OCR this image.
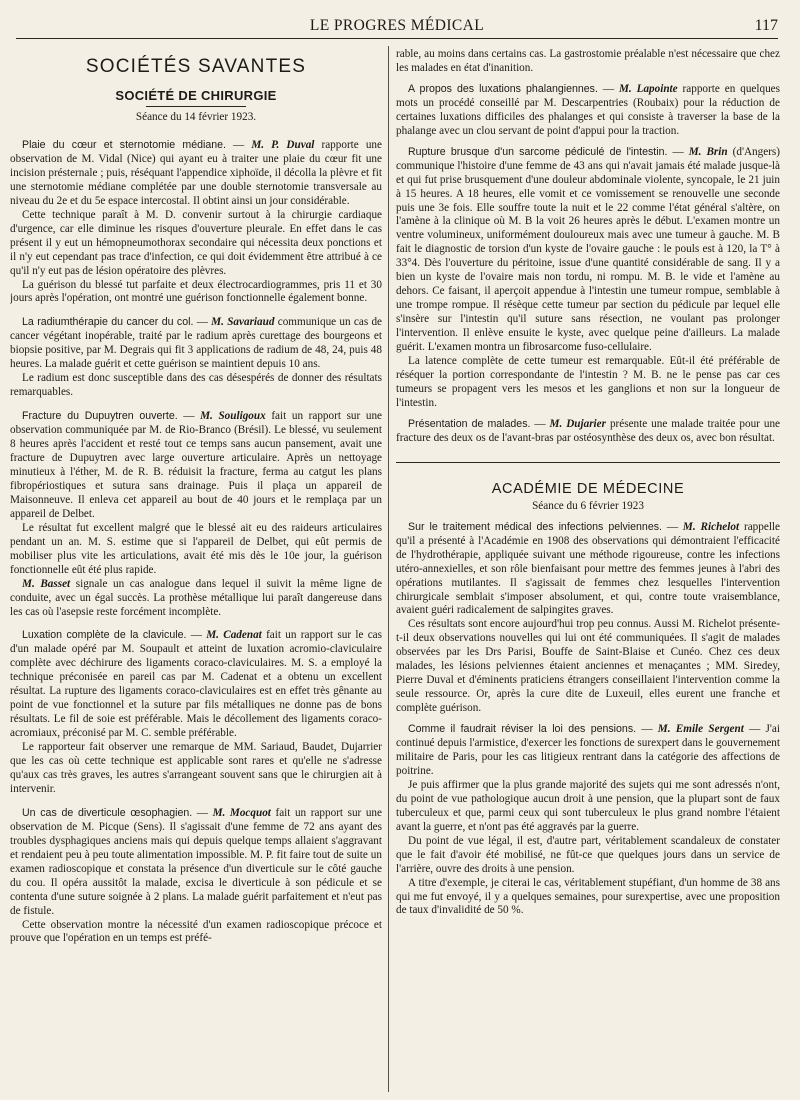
LE PROGRES MÉDICAL	117
SOCIÉTÉS SAVANTES
SOCIÉTÉ DE CHIRURGIE
Séance du 14 février 1923.

Plaie du cœur et sternotomie médiane. — M. P. Duval rapporte une observation de M. Vidal (Nice) qui ayant eu à traiter une plaie du cœur fit une incision présternale ; puis, réséquant l'appendice xiphoïde, il décolla la plèvre et fit une sternotomie médiane complétée par une double sternotomie transversale au niveau du 2e et du 5e espace intercostal. Il obtint ainsi un jour considérable.

Cette technique paraît à M. D. convenir surtout à la chirurgie cardiaque d'urgence, car elle diminue les risques d'ouverture pleurale. En effet dans le cas présent il y eut un hémopneumothorax secondaire qui nécessita deux ponctions et il n'y eut cependant pas trace d'infection, ce qui doit évidemment être attribué à ce qu'il n'y eut pas de lésion opératoire des plèvres.

La guérison du blessé tut parfaite et deux électrocardiogrammes, pris 11 et 30 jours après l'opération, ont montré une guérison fonctionnelle également bonne.

La radiumthérapie du cancer du col. — M. Savariaud communique un cas de cancer végétant inopérable, traité par le radium après curettage des bourgeons et biopsie positive, par M. Degrais qui fit 3 applications de radium de 48, 24, puis 48 heures. La malade guérit et cette guérison se maintient depuis 10 ans.

Le radium est donc susceptible dans des cas désespérés de donner des résultats remarquables.

Fracture du Dupuytren ouverte. — M. Souligoux fait un rapport sur une observation communiquée par M. de Rio-Branco (Brésil). Le blessé, vu seulement 8 heures après l'accident et resté tout ce temps sans aucun pansement, avait une fracture de Dupuytren avec large ouverture articulaire. Après un nettoyage minutieux à l'éther, M. de R. B. réduisit la fracture, ferma au catgut les plans fibropériostiques et sutura sans drainage. Puis il plaça un appareil de Maisonneuve. Il enleva cet appareil au bout de 40 jours et le remplaça par un appareil de Delbet.

Le résultat fut excellent malgré que le blessé ait eu des raideurs articulaires pendant un an. M. S. estime que si l'appareil de Delbet, qui eût permis de mobiliser plus vite les articulations, avait été mis dès le 10e jour, la guérison fonctionnelle eût été plus rapide.

M. Basset signale un cas analogue dans lequel il suivit la même ligne de conduite, avec un égal succès. La prothèse métallique lui paraît dangereuse dans les cas où l'asepsie reste forcément incomplète.

Luxation complète de la clavicule. — M. Cadenat fait un rapport sur le cas d'un malade opéré par M. Soupault et atteint de luxation acromio-claviculaire complète avec déchirure des ligaments coraco-claviculaires. M. S. a employé la technique préconisée en pareil cas par M. Cadenat et a obtenu un excellent résultat. La rupture des ligaments coraco-claviculaires est en effet très gênante au point de vue fonctionnel et la suture par fils métalliques ne donne pas de bons résultats. Le fil de soie est préférable. Mais le décollement des ligaments coraco-acromiaux, préconisé par M. C. semble préférable.

Le rapporteur fait observer une remarque de MM. Sariaud, Baudet, Dujarrier que les cas où cette technique est applicable sont rares et qu'elle ne s'adresse qu'aux cas très graves, les autres s'arrangeant souvent sans que le chirurgien ait à intervenir.

Un cas de diverticule œsophagien. — M. Mocquot fait un rapport sur une observation de M. Picque (Sens). Il s'agissait d'une femme de 72 ans ayant des troubles dysphagiques anciens mais qui depuis quelque temps allaient s'aggravant et rendaient peu à peu toute alimentation impossible. M. P. fit faire tout de suite un examen radioscopique et constata la présence d'un diverticule sur le côté gauche du cou. Il opéra aussitôt la malade, excisa le diverticule à son pédicule et se contenta d'une suture soignée à 2 plans. La malade guérit parfaitement et n'eut pas de fistule.

Cette observation montre la nécessité d'un examen radioscopique précoce et prouve que l'opération en un temps est préfé-

rable, au moins dans certains cas. La gastrostomie préalable n'est nécessaire que chez les malades en état d'inanition.

A propos des luxations phalangiennes. — M. Lapointe rapporte en quelques mots un procédé conseillé par M. Descarpentries (Roubaix) pour la réduction de certaines luxations difficiles des phalanges et qui consiste à traverser la base de la phalange avec un clou servant de point d'appui pour la traction.

Rupture brusque d'un sarcome pédiculé de l'intestin. — M. Brin (d'Angers) communique l'histoire d'une femme de 43 ans qui n'avait jamais été malade jusque-là et qui fut prise brusquement d'une douleur abdominale violente, syncopale, le 21 juin à 15 heures. A 18 heures, elle vomit et ce vomissement se renouvelle une seconde puis une 3e fois. Elle souffre toute la nuit et le 22 comme l'état général s'altère, on l'amène à la clinique où M. B la voit 26 heures après le début. L'examen montre un ventre volumineux, uniformément douloureux mais avec une tumeur à gauche. M. B fait le diagnostic de torsion d'un kyste de l'ovaire gauche : le pouls est à 120, la T° à 33°4. Dès l'ouverture du péritoine, issue d'une quantité considérable de sang. Il y a bien un kyste de l'ovaire mais non tordu, ni rompu. M. B. le vide et l'amène au dehors. Ce faisant, il aperçoit appendue à l'intestin une tumeur rompue, semblable à une trompe rompue. Il résèque cette tumeur par section du pédicule par lequel elle s'insère sur l'intestin qu'il suture sans résection, ne voulant pas prolonger l'intervention. Il enlève ensuite le kyste, avec quelque peine d'ailleurs. La malade guérit. L'examen montra un fibrosarcome fuso-cellulaire.

La latence complète de cette tumeur est remarquable. Eût-il été préférable de réséquer la portion correspondante de l'intestin ? M. B. ne le pense pas car ces tumeurs se propagent vers les mesos et les ganglions et non sur la longueur de l'intestin.

Présentation de malades. — M. Dujarier présente une malade traitée pour une fracture des deux os de l'avant-bras par ostéosynthèse des deux os, avec bon résultat.

ACADÉMIE DE MÉDECINE
Séance du 6 février 1923

Sur le traitement médical des infections pelviennes. — M. Richelot rappelle qu'il a présenté à l'Académie en 1908 des observations qui démontraient l'efficacité de l'hydrothérapie, appliquée suivant une méthode rigoureuse, contre les infections utéro-annexielles, et son rôle bienfaisant pour mettre des femmes jeunes à l'abri des opérations mutilantes. Il s'agissait de femmes chez lesquelles l'intervention chirurgicale semblait s'imposer absolument, et qui, contre toute vraisemblance, avaient guéri radicalement de salpingites graves.

Ces résultats sont encore aujourd'hui trop peu connus. Aussi M. Richelot présente-t-il deux observations nouvelles qui lui ont été communiquées. Il s'agit de malades observées par les Drs Parisi, Bouffe de Saint-Blaise et Cunéo. Chez ces deux malades, les lésions pelviennes étaient anciennes et menaçantes ; MM. Siredey, Pierre Duval et d'éminents praticiens étrangers conseillaient l'intervention comme la seule ressource. Or, après la cure dite de Luxeuil, elles eurent une franche et complète guérison.

Comme il faudrait réviser la loi des pensions. — M. Emile Sergent — J'ai continué depuis l'armistice, d'exercer les fonctions de surexpert dans le gouvernement militaire de Paris, pour les cas litigieux rentrant dans la catégorie des affections de poitrine.

Je puis affirmer que la plus grande majorité des sujets qui me sont adressés n'ont, du point de vue pathologique aucun droit à une pension, que la plupart sont de faux tuberculeux et que, parmi ceux qui sont tuberculeux le plus grand nombre l'étaient avant la guerre, et n'ont pas été aggravés par la guerre.

Du point de vue légal, il est, d'autre part, véritablement scandaleux de constater que le fait d'avoir été mobilisé, ne fût-ce que quelques jours dans un service de l'arrière, ouvre des droits à une pension.

A titre d'exemple, je citerai le cas, véritablement stupéfiant, d'un homme de 38 ans qui me fut envoyé, il y a quelques semaines, pour surexpertise, avec une proposition de taux d'invalidité de 50 %.
